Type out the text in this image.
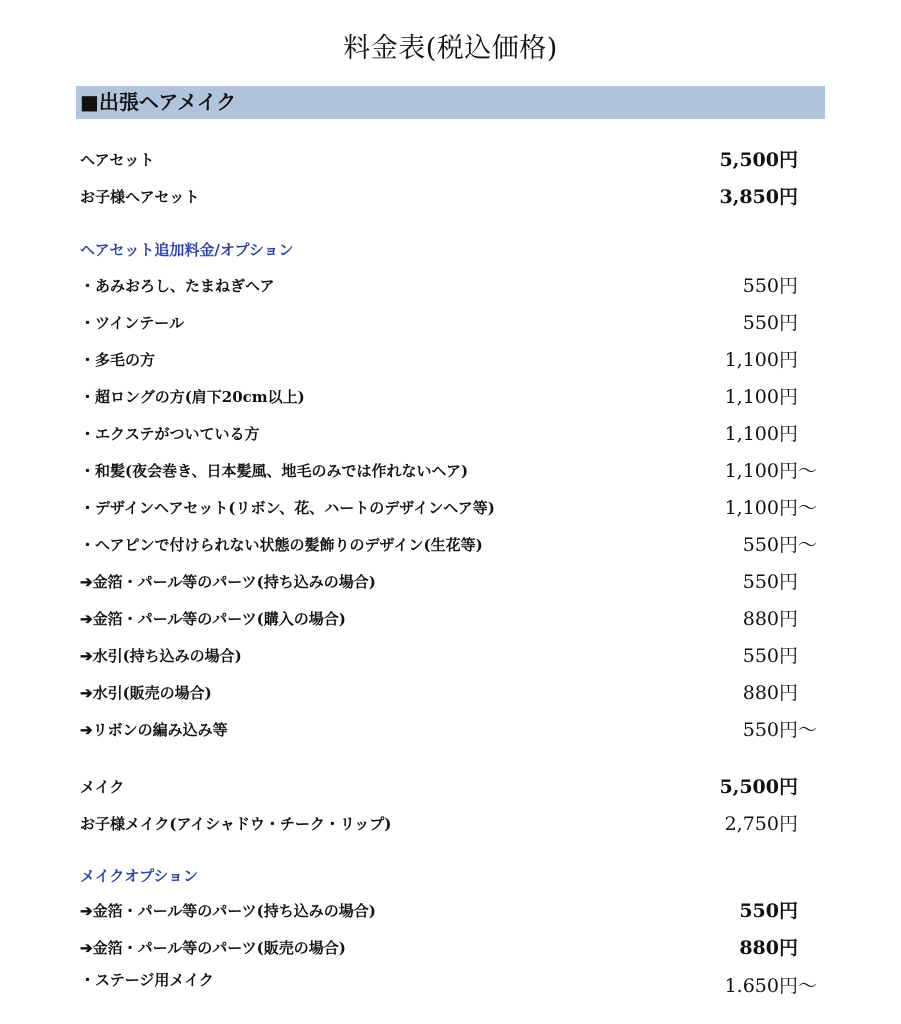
料金表(税込価格)
■出張ヘアメイク
ヘアセット	5,500円
お子様ヘアセット	3,850円
ヘアセット追加料金/オプション
・あみおろし、たまねぎヘア	550円
・ツインテール	550円
・多毛の方	1,100円
・超ロングの方(肩下20cm以上)	1,100円
・エクステがついている方	1,100円
・和髪(夜会巻き、日本髪風、地毛のみでは作れないヘア)	1,100円 〜
・デザインヘアセット(リボン、花、ハートのデザインヘア等)	1,100円 〜
・ヘアピンで付けられない状態の髪飾りのデザイン(生花等)	550円 〜
➔金箔・パール等のパーツ(持ち込みの場合)	550円
➔金箔・パール等のパーツ(購入の場合)	880円
➔水引(持ち込みの場合)	550円
➔水引(販売の場合)	880円
➔リボンの編み込み等	550円 〜
メイク	5,500円
お子様メイク(アイシャドウ・チーク・リップ)	2,750円
メイクオプション
➔金箔・パール等のパーツ(持ち込みの場合)	550円
➔金箔・パール等のパーツ(販売の場合)	880円
・ステージ用メイク	1.650円 〜
